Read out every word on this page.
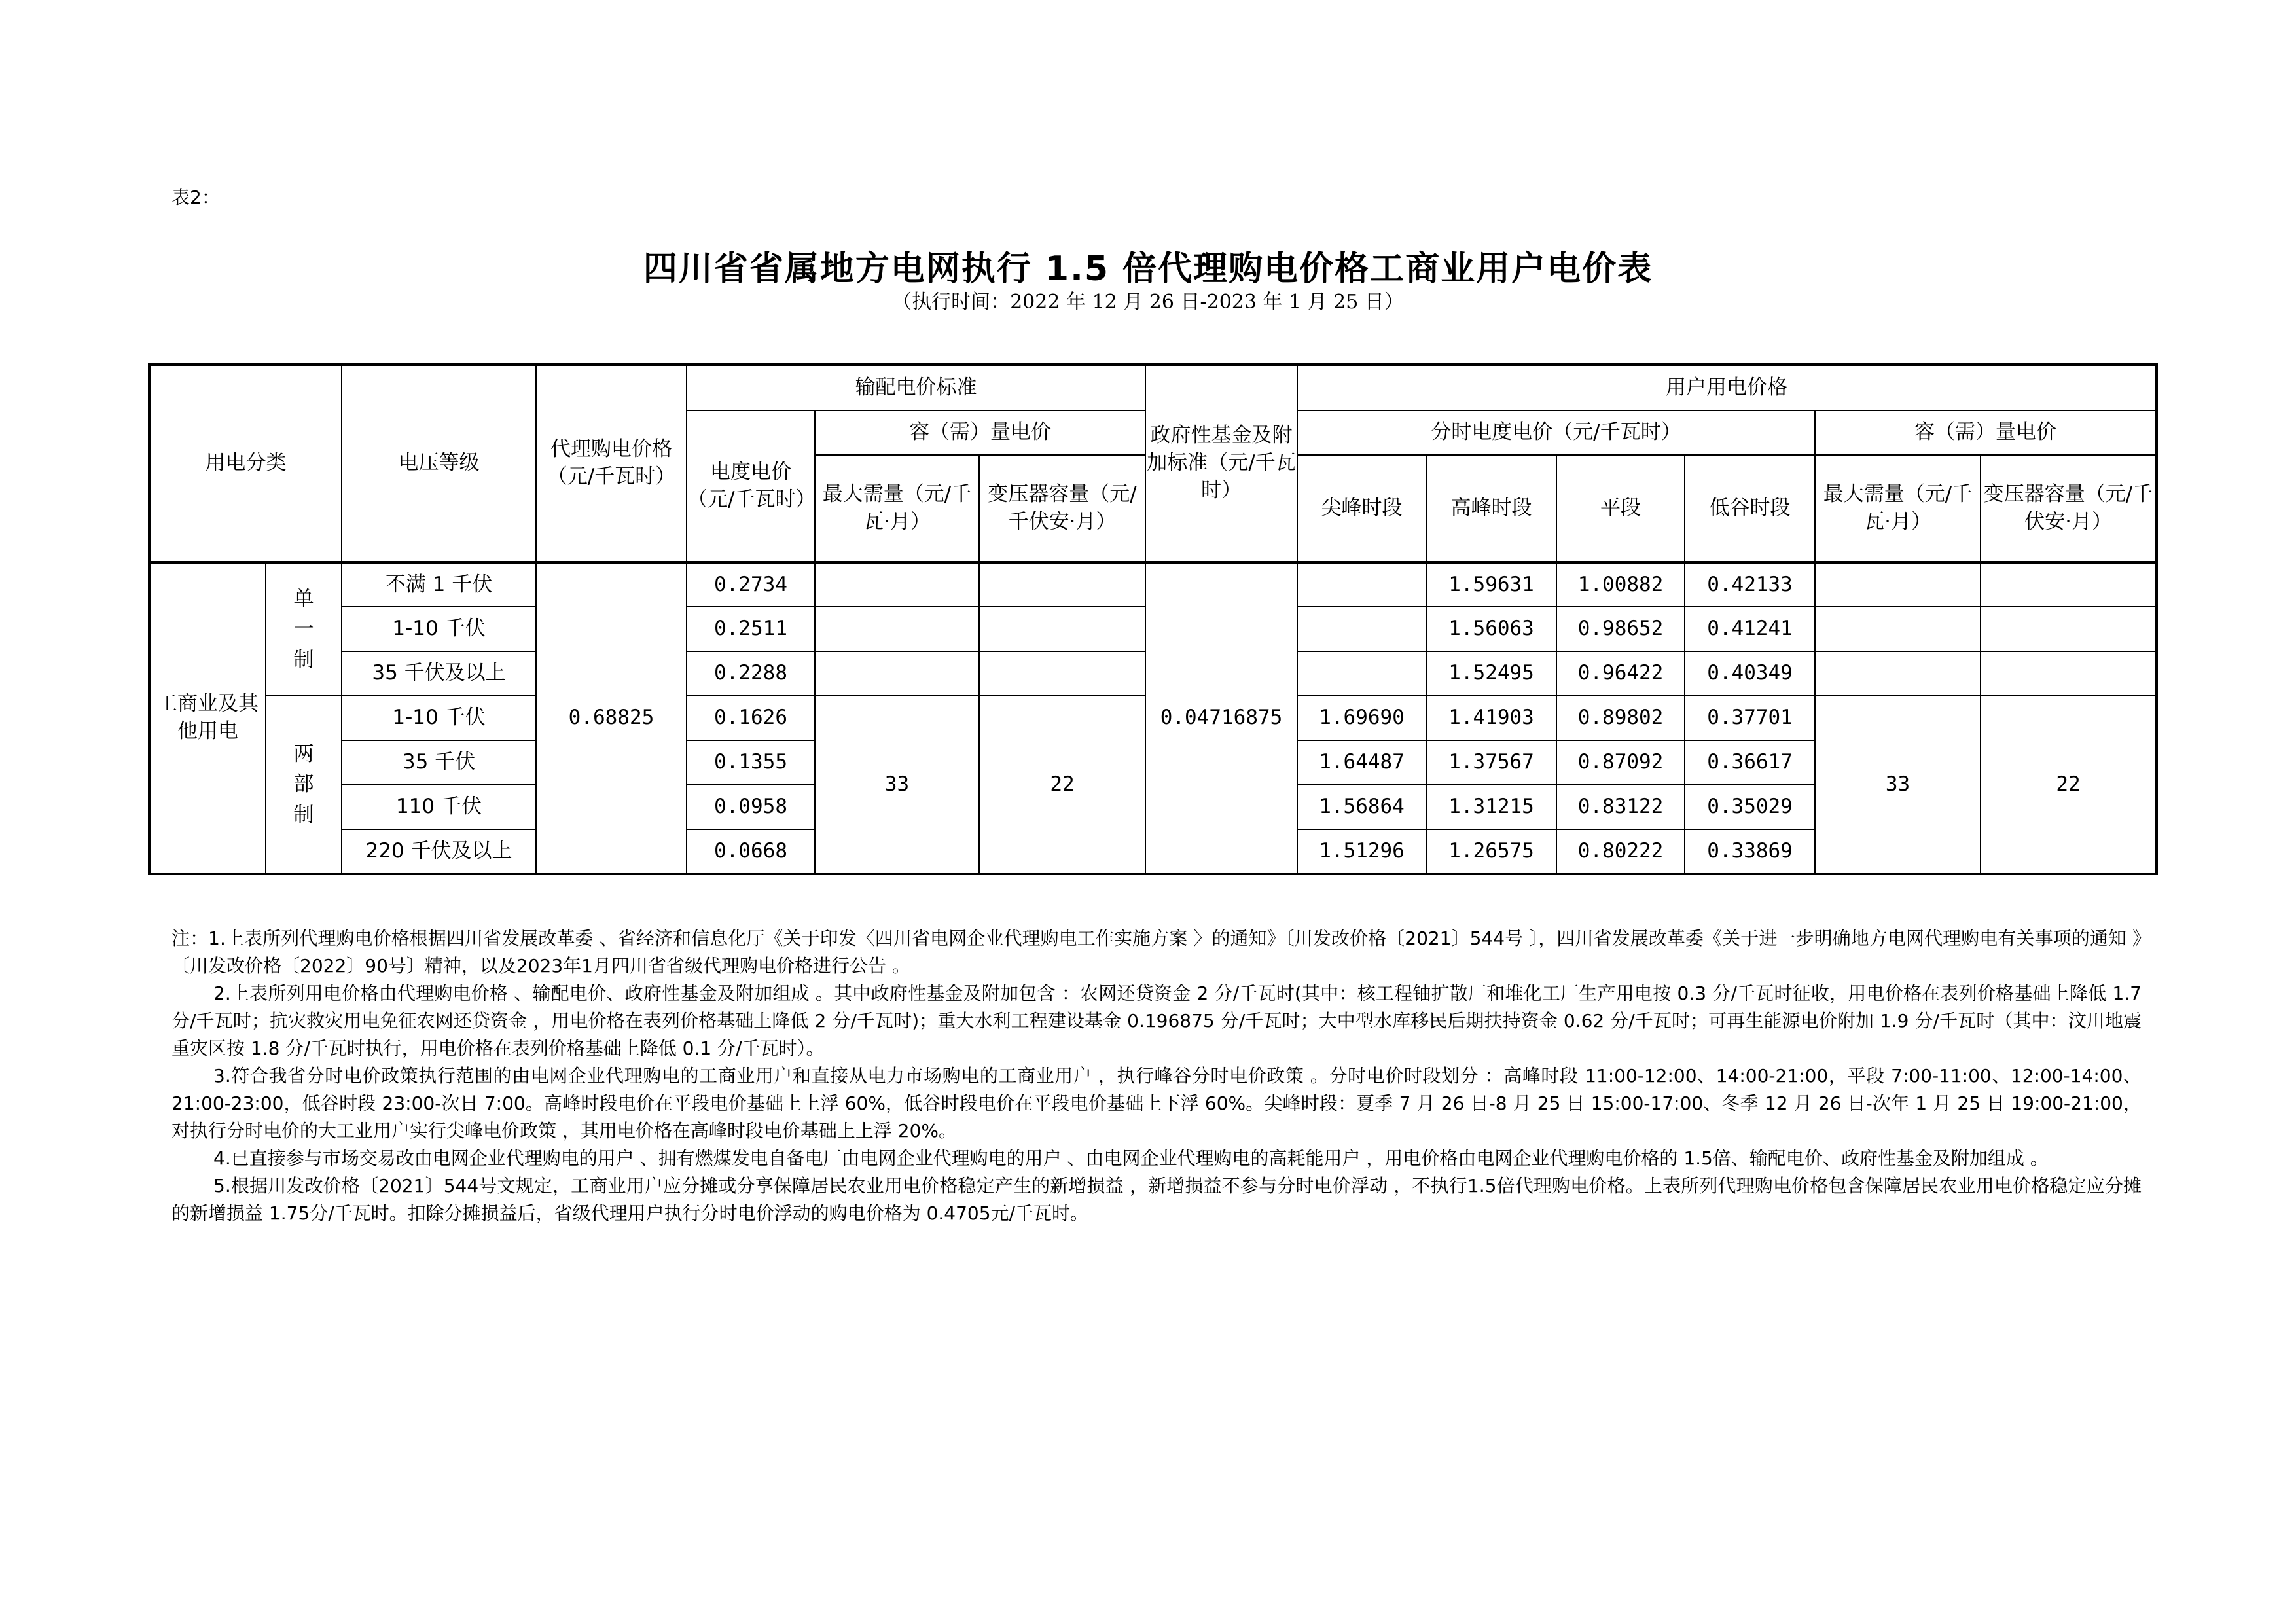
表2：
四川省省属地方电网执行 1.5 倍代理购电价格工商业用户电价表
（执行时间：2022 年 12 月 26 日-2023 年 1 月 25 日）
用电分类		电压等级	代理购电价格（元/千瓦时）	输配电价标准			政府性基金及附加标准（元/千瓦时）	用户用电价格					
				电度电价（元/千瓦时）	容（需）量电价			分时电度电价（元/千瓦时）				容（需）量电价	
					最大需量（元/千瓦·月）	变压器容量（元/千伏安·月）		尖峰时段	高峰时段	平段	低谷时段	最大需量（元/千瓦·月）	变压器容量（元/千伏安·月）
工商业及其他用电	单一制	不满 1 千伏	0.68825	0.2734			0.04716875		1.59631	1.00882	0.42133		
		1-10 千伏		0.2511					1.56063	0.98652	0.41241		
		35 千伏及以上		0.2288					1.52495	0.96422	0.40349		
	两部制	1-10 千伏		0.1626	33	22		1.69690	1.41903	0.89802	0.37701	33	22
		35 千伏		0.1355				1.64487	1.37567	0.87092	0.36617		
		110 千伏		0.0958				1.56864	1.31215	0.83122	0.35029		
		220 千伏及以上		0.0668				1.51296	1.26575	0.80222	0.33869		

注：1.上表所列代理购电价格根据四川省发展改革委 、省经济和信息化厅《关于印发〈四川省电网企业代理购电工作实施方案 〉的通知》〔川发改价格〔2021〕544号 〕，四川省发展改革委《关于进一步明确地方电网代理购电有关事项的通知 》〔川发改价格〔2022〕90号〕精神，以及2023年1月四川省省级代理购电价格进行公告 。

2.上表所列用电价格由代理购电价格 、输配电价、政府性基金及附加组成 。其中政府性基金及附加包含 ：农网还贷资金 2 分/千瓦时(其中：核工程铀扩散厂和堆化工厂生产用电按 0.3 分/千瓦时征收，用电价格在表列价格基础上降低 1.7 分/千瓦时；抗灾救灾用电免征农网还贷资金 ，用电价格在表列价格基础上降低 2 分/千瓦时)；重大水利工程建设基金 0.196875 分/千瓦时；大中型水库移民后期扶持资金 0.62 分/千瓦时；可再生能源电价附加 1.9 分/千瓦时（其中：汶川地震重灾区按 1.8 分/千瓦时执行，用电价格在表列价格基础上降低 0.1 分/千瓦时）。

3.符合我省分时电价政策执行范围的由电网企业代理购电的工商业用户和直接从电力市场购电的工商业用户 ，执行峰谷分时电价政策 。分时电价时段划分 ：高峰时段 11:00-12:00、14:00-21:00，平段 7:00-11:00、12:00-14:00、21:00-23:00，低谷时段 23:00-次日 7:00。高峰时段电价在平段电价基础上上浮 60%，低谷时段电价在平段电价基础上下浮 60%。尖峰时段：夏季 7 月 26 日-8 月 25 日 15:00-17:00、冬季 12 月 26 日-次年 1 月 25 日 19:00-21:00，对执行分时电价的大工业用户实行尖峰电价政策 ，其用电价格在高峰时段电价基础上上浮 20%。

4.已直接参与市场交易改由电网企业代理购电的用户 、拥有燃煤发电自备电厂由电网企业代理购电的用户 、由电网企业代理购电的高耗能用户 ，用电价格由电网企业代理购电价格的 1.5倍、输配电价、政府性基金及附加组成 。

5.根据川发改价格〔2021〕544号文规定，工商业用户应分摊或分享保障居民农业用电价格稳定产生的新增损益 ，新增损益不参与分时电价浮动 ，不执行1.5倍代理购电价格。上表所列代理购电价格包含保障居民农业用电价格稳定应分摊的新增损益 1.75分/千瓦时。扣除分摊损益后，省级代理用户执行分时电价浮动的购电价格为 0.4705元/千瓦时。
